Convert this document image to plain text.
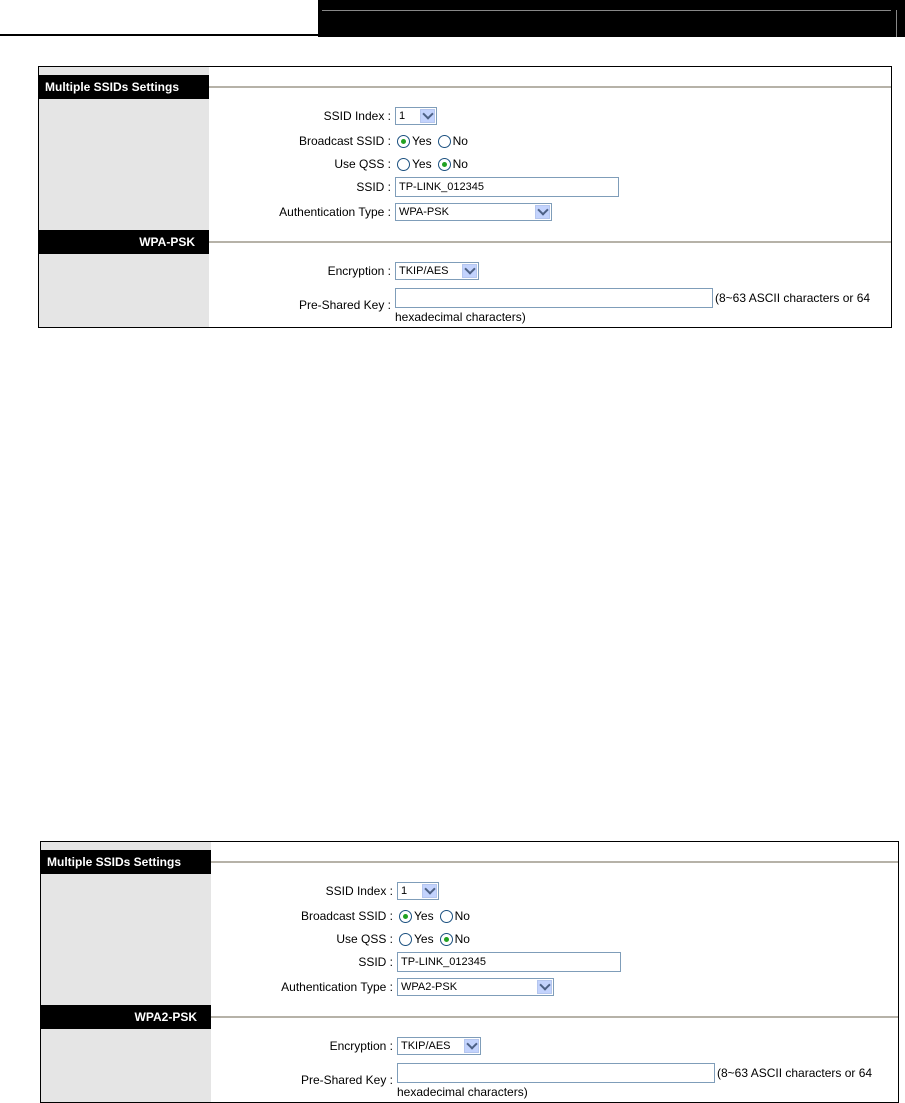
Multiple SSIDs Settings
SSID Index : 1
Broadcast SSID : Yes No
Use QSS : Yes No
SSID : TP-LINK_012345
Authentication Type : WPA-PSK
WPA-PSK
Encryption : TKIP/AES
Pre-Shared Key :	(8~63 ASCII characters or 64
hexadecimal characters)
Multiple SSIDs Settings
SSID Index : 1
Broadcast SSID : Yes No
Use QSS : Yes No
SSID : TP-LINK_012345
Authentication Type : WPA2-PSK
WPA2-PSK
Encryption : TKIP/AES
Pre-Shared Key :	(8~63 ASCII characters or 64
hexadecimal characters)
